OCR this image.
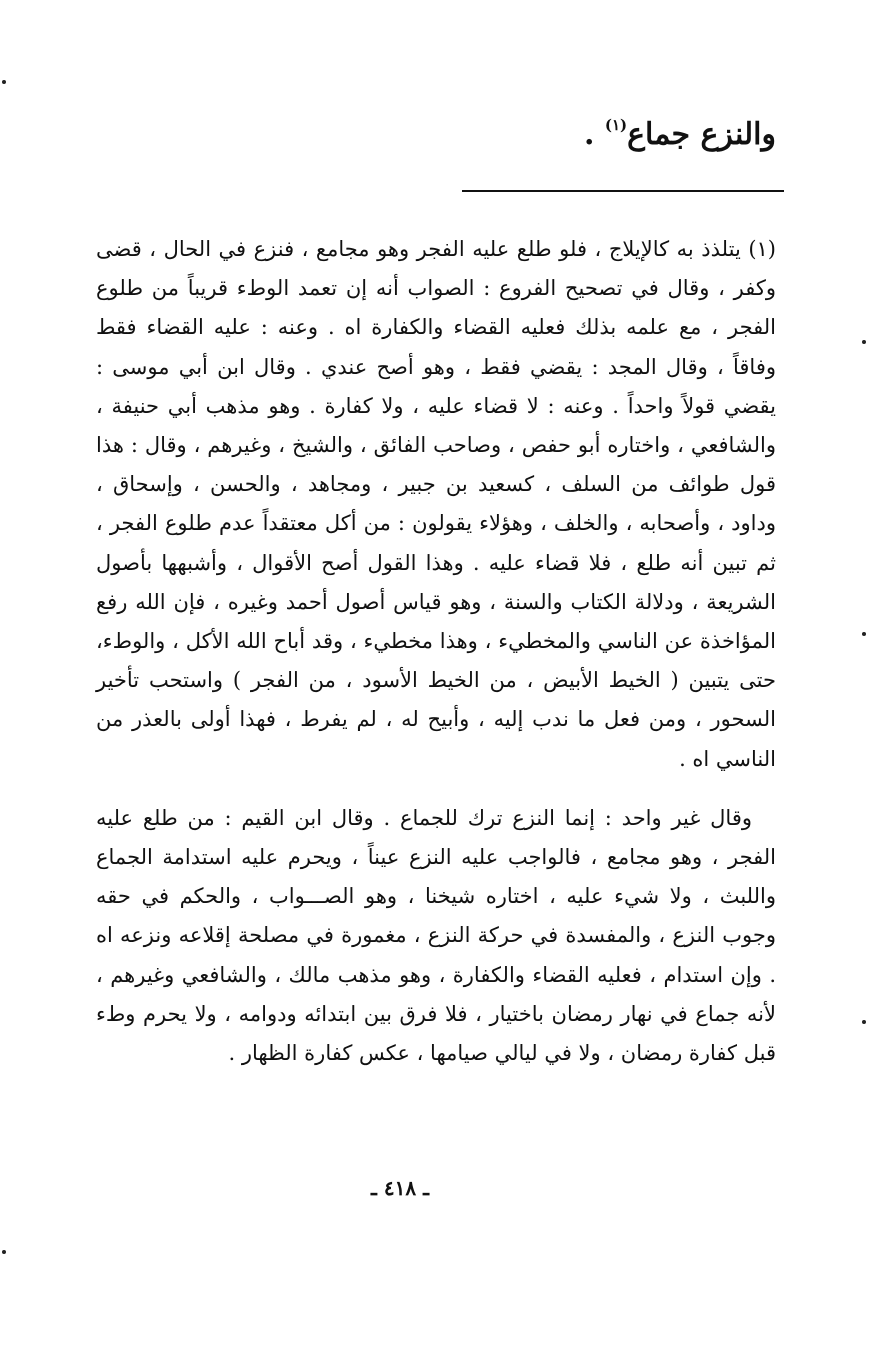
والنزع جماع$^{(١)}$ .

(١) يتلذذ به كالإيلاج ، فلو طلع عليه الفجر وهو مجامع ، فنزع في الحال ، قضى وكفر ، وقال في تصحيح الفروع : الصواب أنه إن تعمد الوطء قريباً من طلوع الفجر ، مع علمه بذلك فعليه القضاء والكفارة اه . وعنه : عليه القضاء فقط وفاقاً ، وقال المجد : يقضي فقط ، وهو أصح عندي . وقال ابن أبي موسى : يقضي قولاً واحداً . وعنه : لا قضاء عليه ، ولا كفارة . وهو مذهب أبي حنيفة ، والشافعي ، واختاره أبو حفص ، وصاحب الفائق ، والشيخ ، وغيرهم ، وقال : هذا قول طوائف من السلف ، كسعيد بن جبير ، ومجاهد ، والحسن ، وإسحاق ، وداود ، وأصحابه ، والخلف ، وهؤلاء يقولون : من أكل معتقداً عدم طلوع الفجر ، ثم تبين أنه طلع ، فلا قضاء عليه . وهذا القول أصح الأقوال ، وأشبهها بأصول الشريعة ، ودلالة الكتاب والسنة ، وهو قياس أصول أحمد وغيره ، فإن الله رفع المؤاخذة عن الناسي والمخطيء ، وهذا مخطيء ، وقد أباح الله الأكل ، والوطء، حتى يتبين ( الخيط الأبيض ، من الخيط الأسود ، من الفجر ) واستحب تأخير السحور ، ومن فعل ما ندب إليه ، وأبيح له ، لم يفرط ، فهذا أولى بالعذر من الناسي اه .

وقال غير واحد : إنما النزع ترك للجماع . وقال ابن القيم : من طلع عليه الفجر ، وهو مجامع ، فالواجب عليه النزع عيناً ، ويحرم عليه استدامة الجماع واللبث ، ولا شيء عليه ، اختاره شيخنا ، وهو الصـــواب ، والحكم في حقه وجوب النزع ، والمفسدة في حركة النزع ، مغمورة في مصلحة إقلاعه ونزعه اه . وإن استدام ، فعليه القضاء والكفارة ، وهو مذهب مالك ، والشافعي وغيرهم ، لأنه جماع في نهار رمضان باختيار ، فلا فرق بين ابتدائه ودوامه ، ولا يحرم وطء قبل كفارة رمضان ، ولا في ليالي صيامها ، عكس كفارة الظهار .

ـ ٤١٨ ـ
